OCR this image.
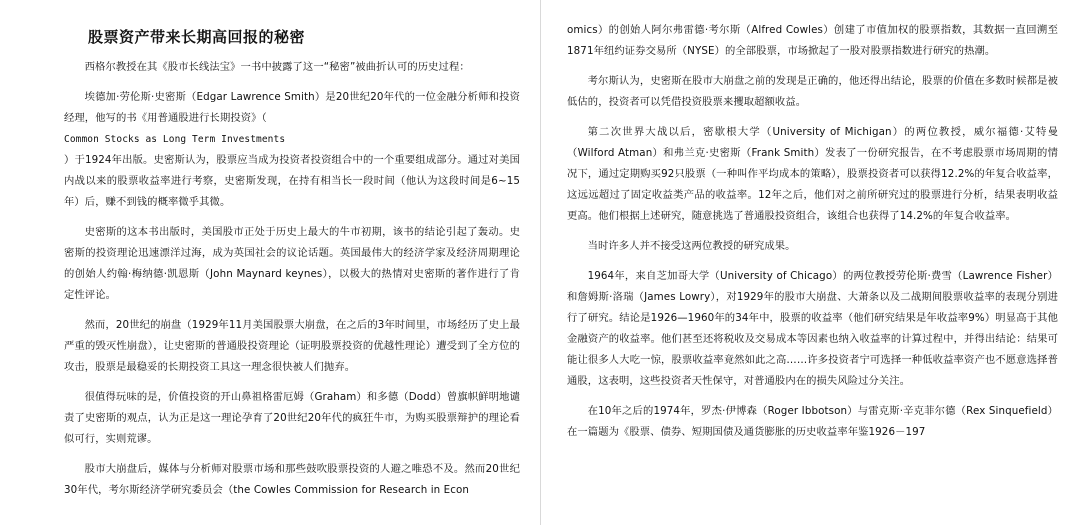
股票资产带来长期高回报的秘密

西格尔教授在其《股市长线法宝》一书中披露了这一“秘密”被曲折认可的历史过程：

埃德加·劳伦斯·史密斯（Edgar Lawrence Smith）是20世纪20年代的一位金融分析师和投资经理，他写的书《用普通股进行长期投资》（
Common Stocks as Long Term Investments
）于1924年出版。史密斯认为，股票应当成为投资者投资组合中的一个重要组成部分。通过对美国内战以来的股票收益率进行考察，史密斯发现，在持有相当长一段时间（他认为这段时间是6~15年）后，赚不到钱的概率微乎其微。

史密斯的这本书出版时，美国股市正处于历史上最大的牛市初期，该书的结论引起了轰动。史密斯的投资理论迅速漂洋过海，成为英国社会的议论话题。英国最伟大的经济学家及经济周期理论的创始人约翰·梅纳德·凯恩斯（John Maynard keynes），以极大的热情对史密斯的著作进行了肯定性评论。

然而，20世纪的崩盘（1929年11月美国股票大崩盘，在之后的3年时间里，市场经历了史上最严重的毁灭性崩盘），让史密斯的普通股投资理论（证明股票投资的优越性理论）遭受到了全方位的攻击，股票是最稳妥的长期投资工具这一理念很快被人们抛弃。

很值得玩味的是，价值投资的开山鼻祖格雷厄姆（Graham）和多德（Dodd）曾旗帜鲜明地谴责了史密斯的观点，认为正是这一理论孕育了20世纪20年代的疯狂牛市，为购买股票辩护的理论看似可行，实则荒谬。

股市大崩盘后，媒体与分析师对股票市场和那些鼓吹股票投资的人避之唯恐不及。然而20世纪30年代，考尔斯经济学研究委员会（the Cowles Commission for Research in Econ

omics）的创始人阿尔弗雷德·考尔斯（Alfred Cowles）创建了市值加权的股票指数，其数据一直回溯至1871年纽约证券交易所（NYSE）的全部股票，市场掀起了一股对股票指数进行研究的热潮。

考尔斯认为，史密斯在股市大崩盘之前的发现是正确的，他还得出结论，股票的价值在多数时候都是被低估的，投资者可以凭借投资股票来攫取超额收益。

第二次世界大战以后，密歇根大学（University of Michigan）的两位教授，威尔福德·艾特曼（Wilford Atman）和弗兰克·史密斯（Frank Smith）发表了一份研究报告，在不考虑股票市场周期的情况下，通过定期购买92只股票（一种叫作平均成本的策略），股票投资者可以获得12.2%的年复合收益率，这远远超过了固定收益类产品的收益率。12年之后，他们对之前所研究过的股票进行分析，结果表明收益更高。他们根据上述研究，随意挑选了普通股投资组合，该组合也获得了14.2%的年复合收益率。

当时许多人并不接受这两位教授的研究成果。

1964年，来自芝加哥大学（University of Chicago）的两位教授劳伦斯·费雪（Lawrence Fisher）和詹姆斯·洛瑞（James Lowry），对1929年的股市大崩盘、大萧条以及二战期间股票收益率的表现分别进行了研究。结论是1926—1960年的34年中，股票的收益率（他们研究结果是年收益率9%）明显高于其他金融资产的收益率。他们甚至还将税收及交易成本等因素也纳入收益率的计算过程中，并得出结论：结果可能让很多人大吃一惊，股票收益率竟然如此之高……许多投资者宁可选择一种低收益率资产也不愿意选择普通股，这表明，这些投资者天性保守，对普通股内在的损失风险过分关注。

在10年之后的1974年，罗杰·伊博森（Roger Ibbotson）与雷克斯·辛克菲尔德（Rex Sinquefield）在一篇题为《股票、债券、短期国债及通货膨胀的历史收益率年鉴1926－197
